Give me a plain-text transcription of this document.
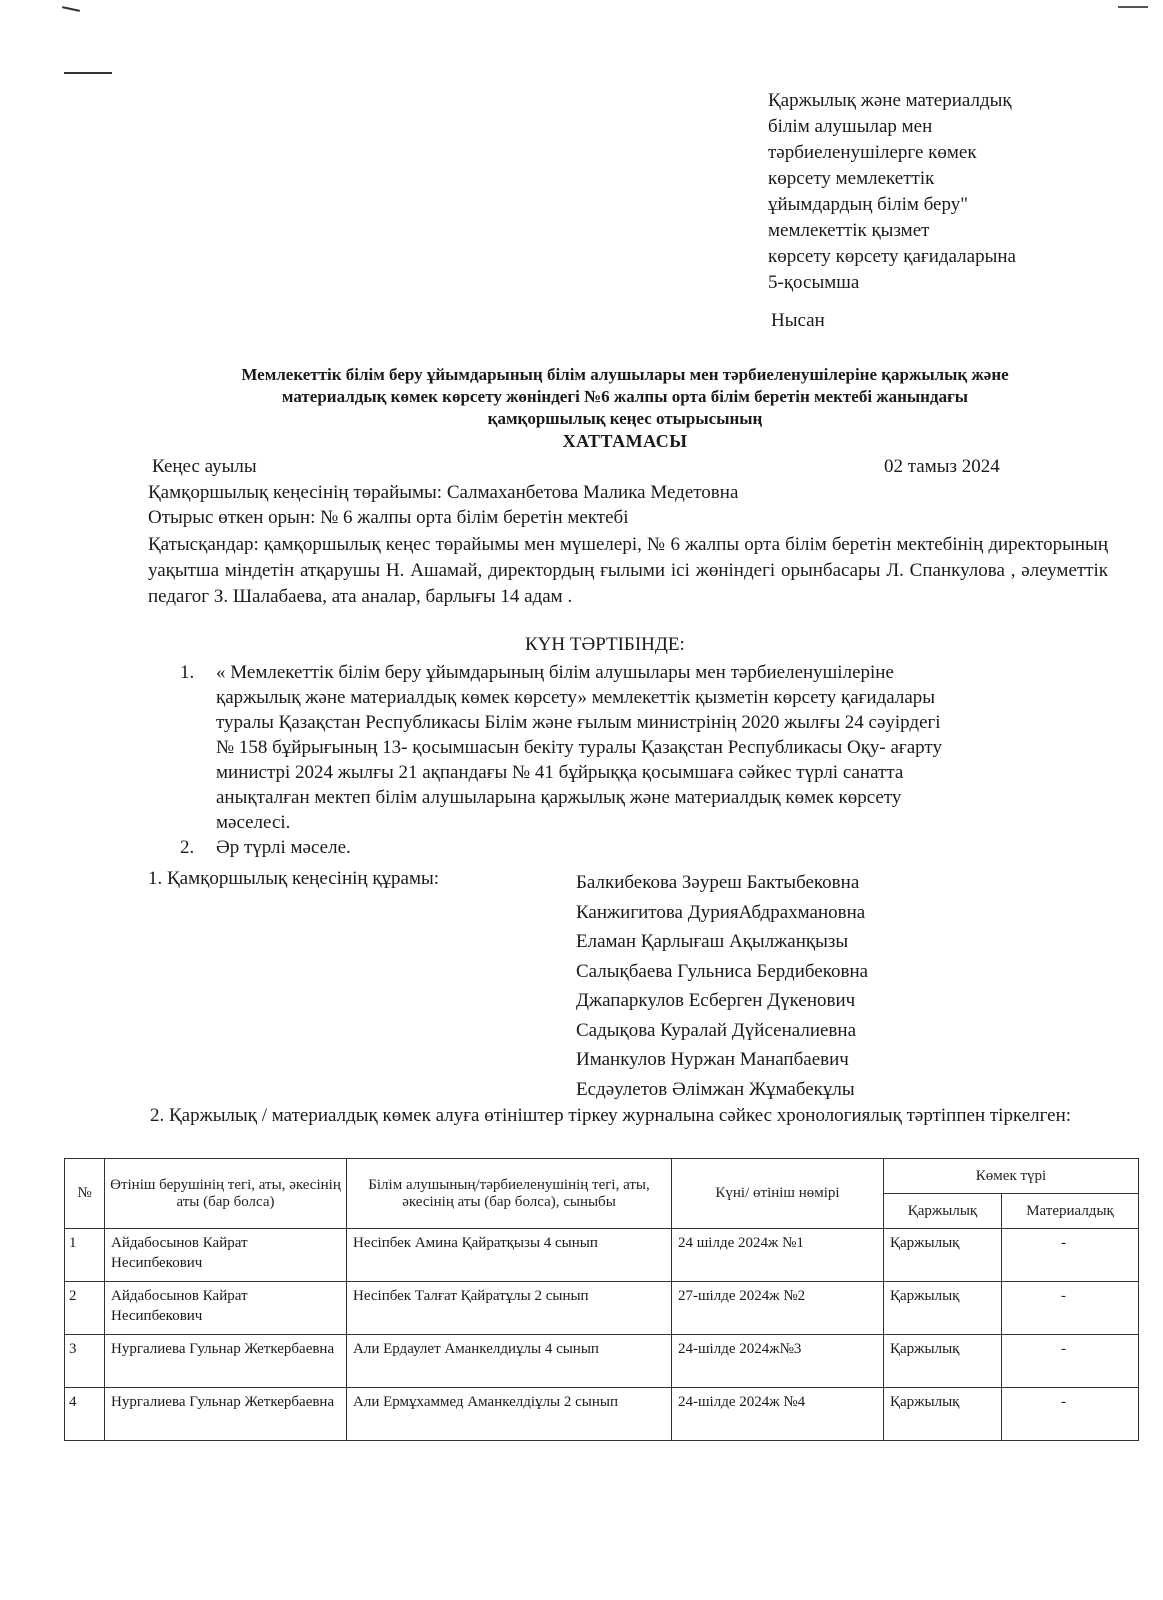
Қаржылық және материалдық
білім алушылар мен
тәрбиеленушілерге көмек
көрсету мемлекеттік
ұйымдардың білім беру"
мемлекеттік қызмет
көрсету көрсету қағидаларына
5-қосымша
Нысан
Мемлекеттік білім беру ұйымдарының білім алушылары мен тәрбиеленушілеріне қаржылық және
материалдық көмек көрсету жөніндегі №6 жалпы орта білім беретін мектебі жанындағы
қамқоршылық кеңес отырысының
ХАТТАМАСЫ
Кеңес ауылы	02 тамыз 2024
Қамқоршылық кеңесінің төрайымы: Салмаханбетова Малика Медетовна
Отырыс өткен орын: № 6 жалпы орта білім беретін мектебі
Қатысқандар: қамқоршылық кеңес төрайымы мен мүшелері, № 6 жалпы орта білім беретін мектебінің директорының уақытша міндетін атқарушы Н. Ашамай, директордың ғылыми ісі жөніндегі орынбасары Л. Спанкулова , әлеуметтік педагог З. Шалабаева, ата аналар, барлығы 14 адам .
КҮН ТӘРТІБІНДЕ:
1. « Мемлекеттік білім беру ұйымдарының білім алушылары мен тәрбиеленушілеріне
қаржылық және материалдық көмек көрсету» мемлекеттік қызметін көрсету қағидалары
туралы Қазақстан Республикасы Білім және ғылым министрінің 2020 жылғы 24 сәуірдегі
№ 158 бұйрығының 13- қосымшасын бекіту туралы Қазақстан Республикасы Оқу- ағарту
министрі 2024 жылғы 21 ақпандағы № 41 бұйрыққа қосымшаға сәйкес түрлі санатта
анықталған мектеп білім алушыларына қаржылық және материалдық көмек көрсету
мәселесі.
2. Әр түрлі мәселе.
1. Қамқоршылық кеңесінің құрамы:	Балкибекова Зәуреш Бактыбековна
Канжигитова ДурияАбдрахмановна
Еламан Қарлығаш Ақылжанқызы
Салықбаева Гульниса Бердибековна
Джапаркулов Есберген Дүкенович
Садықова Куралай Дүйсеналиевна
Иманкулов Нуржан Манапбаевич
Есдәулетов Әлімжан Жұмабекұлы
2. Қаржылық / материалдық көмек алуға өтініштер тіркеу журналына сәйкес хронологиялық тәртіппен тіркелген:
№	Өтініш берушінің тегі, аты, әкесінің аты (бар болса)	Білім алушының/тәрбиеленушінің тегі, аты, әкесінің аты (бар болса), сыныбы	Күні/ өтініш нөмірі	Көмек түрі	
				Қаржылық	Материалдық
1	Айдабосынов Кайрат Несипбекович	Несіпбек Амина Қайратқызы 4 сынып	24 шілде 2024ж №1	Қаржылық	-
2	Айдабосынов Кайрат Несипбекович	Несіпбек Талғат Қайратұлы 2 сынып	27-шілде 2024ж №2	Қаржылық	-
3	Нургалиева Гульнар Жеткербаевна	Али Ердаулет Аманкелдиұлы 4 сынып	24-шілде 2024ж№3	Қаржылық	-
4	Нургалиева Гульнар Жеткербаевна	Али Ермұхаммед Аманкелдіұлы 2 сынып	24-шілде 2024ж №4	Қаржылық	-
